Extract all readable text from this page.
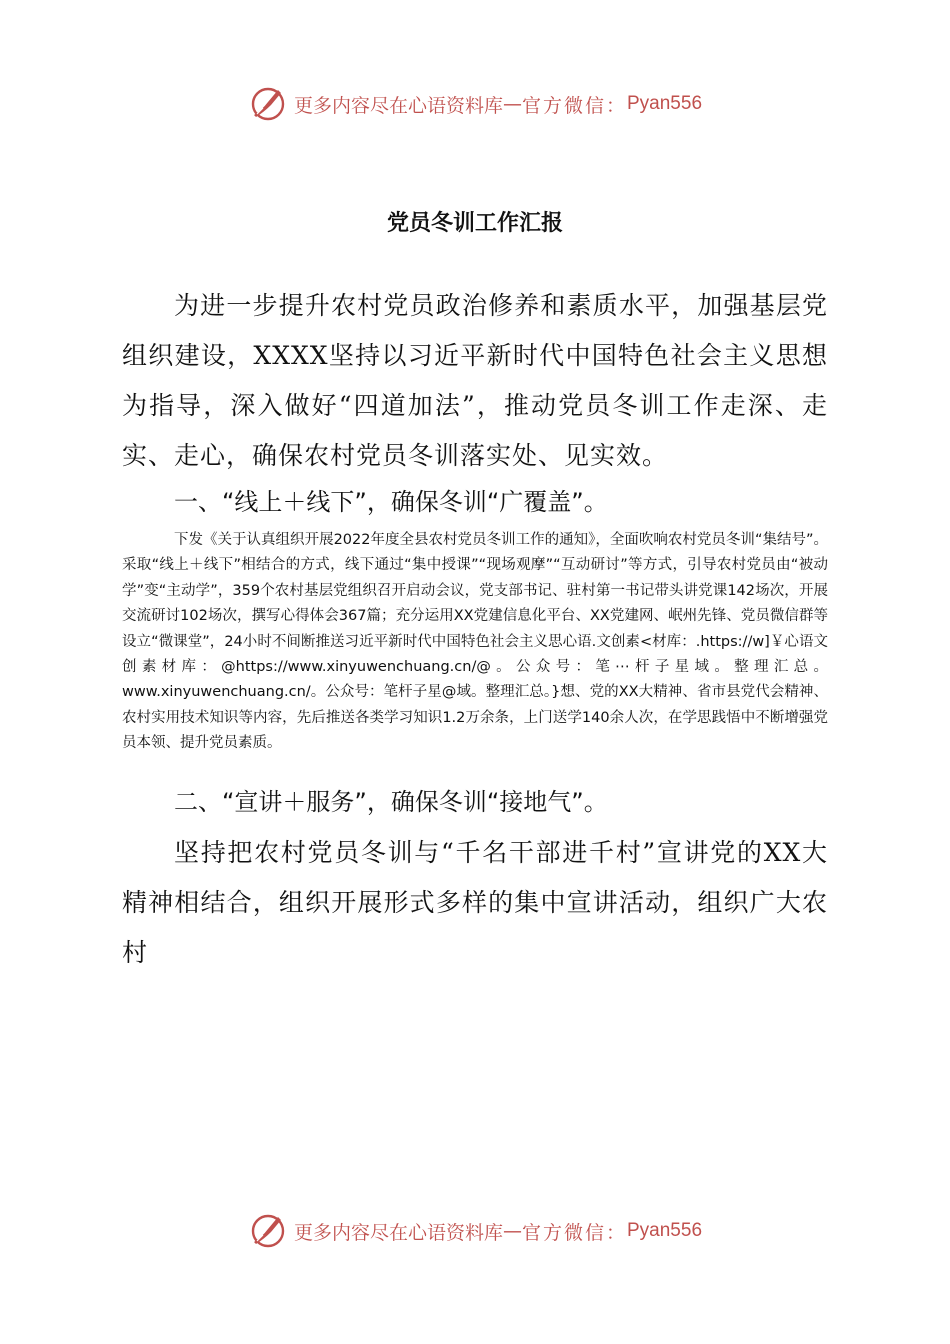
更多内容尽在心语资料库 — 官方微信： Pyan556
党员冬训工作汇报
为进一步提升农村党员政治修养和素质水平，加强基层党组织建设，XXXX坚持以习近平新时代中国特色社会主义思想为指导，深入做好“四道加法”，推动党员冬训工作走深、走实、走心，确保农村党员冬训落实处、见实效。
一、“线上＋线下”，确保冬训“广覆盖”。
下发《关于认真组织开展2022年度全县农村党员冬训工作的通知》，全面吹响农村党员冬训“集结号”。采取“线上＋线下”相结合的方式，线下通过“集中授课”“现场观摩”“互动研讨”等方式，引导农村党员由“被动学”变“主动学”，359个农村基层党组织召开启动会议，党支部书记、驻村第一书记带头讲党课142场次，开展交流研讨102场次，撰写心得体会367篇；充分运用XX党建信息化平台、XX党建网、岷州先锋、党员微信群等设立“微课堂”，24小时不间断推送习近平新时代中国特色社会主义思心语.文创素<材库：.https://w]￥心语文创素材库：@https://www.xinyuwenchuang.cn/@。公众号：笔⋯杆子星域。整理汇总。www.xinyuwenchuang.cn/。公众号：笔杆子星@域。整理汇总。}想、党的XX大精神、省市县党代会精神、农村实用技术知识等内容，先后推送各类学习知识1.2万余条，上门送学140余人次，在学思践悟中不断增强党员本领、提升党员素质。
二、“宣讲＋服务”，确保冬训“接地气”。
坚持把农村党员冬训与“千名干部进千村”宣讲党的XX大精神相结合，组织开展形式多样的集中宣讲活动，组织广大农村
更多内容尽在心语资料库 — 官方微信： Pyan556
